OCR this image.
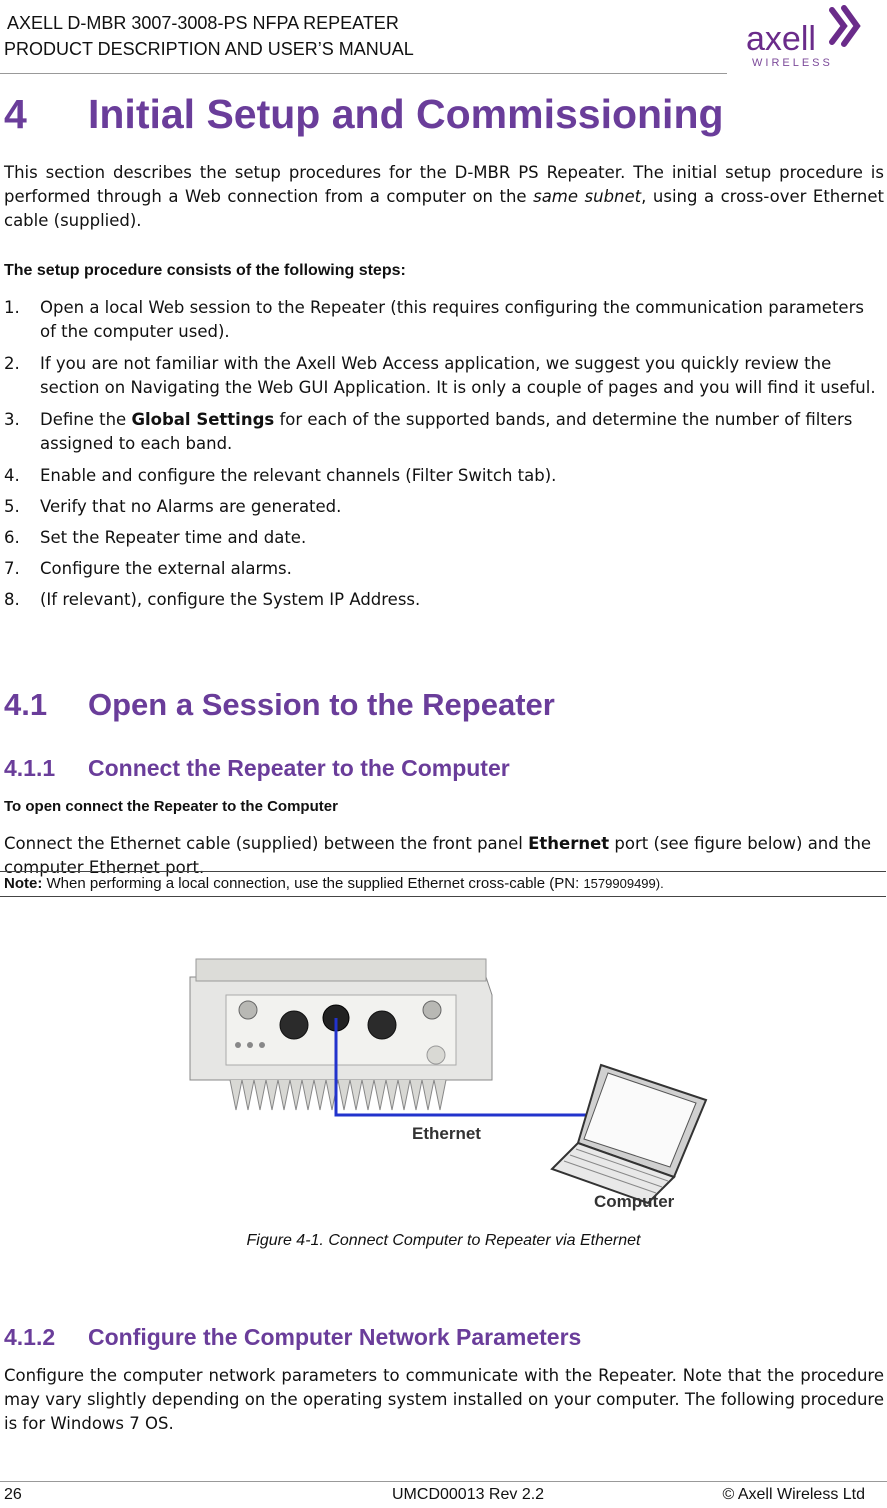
AXELL D-MBR 3007-3008-PS NFPA REPEATER
PRODUCT DESCRIPTION AND USER’S MANUAL	axell
WIRELESS
4 Initial Setup and Commissioning

This section describes the setup procedures for the D-MBR PS Repeater. The initial setup procedure is performed through a Web connection from a computer on the same subnet, using a cross-over Ethernet cable (supplied).

The setup procedure consists of the following steps:

1. Open a local Web session to the Repeater (this requires configuring the communication parameters of the computer used).
2. If you are not familiar with the Axell Web Access application, we suggest you quickly review the section on Navigating the Web GUI Application. It is only a couple of pages and you will find it useful.
3. Define the Global Settings for each of the supported bands, and determine the number of filters assigned to each band.
4. Enable and configure the relevant channels (Filter Switch tab).
5. Verify that no Alarms are generated.
6. Set the Repeater time and date.
7. Configure the external alarms.
8. (If relevant), configure the System IP Address.
4.1 Open a Session to the Repeater
4.1.1 Connect the Repeater to the Computer

To open connect the Repeater to the Computer

Connect the Ethernet cable (supplied) between the front panel Ethernet port (see figure below) and the computer Ethernet port.

Note: When performing a local connection, use the supplied Ethernet cross-cable (PN: 1579909499).
Ethernet
Computer
Figure 4-1. Connect Computer to Repeater via Ethernet
4.1.2 Configure the Computer Network Parameters

Configure the computer network parameters to communicate with the Repeater. Note that the procedure may vary slightly depending on the operating system installed on your computer. The following procedure is for Windows 7 OS.

26	UMCD00013 Rev 2.2	© Axell Wireless Ltd
